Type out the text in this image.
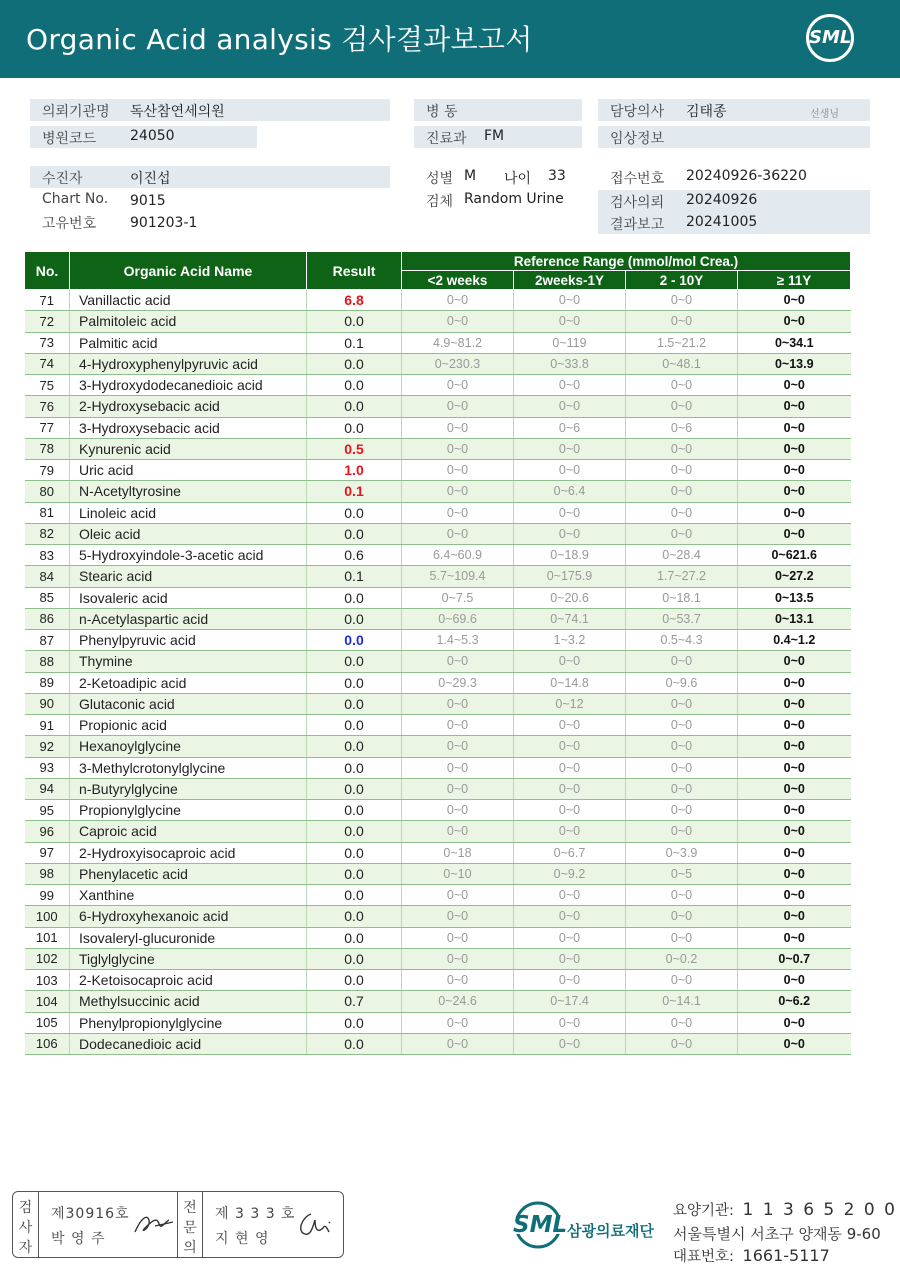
Organic Acid analysis 검사결과보고서	SML
의뢰기관명 독산참연세의원
병원코드 24050
병 동
진료과 FM
담당의사 김태종	선생님
임상정보
수진자	이진섭
Chart No. 9015
고유번호 901203-1
성별 M 나이 33
검체 Random Urine
접수번호 20240926-36220
검사의뢰 20240926
결과보고 20241005
No.	Organic Acid Name	Result	Reference Range (mmol/mol Crea.)			
			<2 weeks	2weeks-1Y	2 - 10Y	≥ 11Y
71	Vanillactic acid	6.8	0~0	0~0	0~0	0~0
72	Palmitoleic acid	0.0	0~0	0~0	0~0	0~0
73	Palmitic acid	0.1	4.9~81.2	0~119	1.5~21.2	0~34.1
74	4-Hydroxyphenylpyruvic acid	0.0	0~230.3	0~33.8	0~48.1	0~13.9
75	3-Hydroxydodecanedioic acid	0.0	0~0	0~0	0~0	0~0
76	2-Hydroxysebacic acid	0.0	0~0	0~0	0~0	0~0
77	3-Hydroxysebacic acid	0.0	0~0	0~6	0~6	0~0
78	Kynurenic acid	0.5	0~0	0~0	0~0	0~0
79	Uric acid	1.0	0~0	0~0	0~0	0~0
80	N-Acetyltyrosine	0.1	0~0	0~6.4	0~0	0~0
81	Linoleic acid	0.0	0~0	0~0	0~0	0~0
82	Oleic acid	0.0	0~0	0~0	0~0	0~0
83	5-Hydroxyindole-3-acetic acid	0.6	6.4~60.9	0~18.9	0~28.4	0~621.6
84	Stearic acid	0.1	5.7~109.4	0~175.9	1.7~27.2	0~27.2
85	Isovaleric acid	0.0	0~7.5	0~20.6	0~18.1	0~13.5
86	n-Acetylaspartic acid	0.0	0~69.6	0~74.1	0~53.7	0~13.1
87	Phenylpyruvic acid	0.0	1.4~5.3	1~3.2	0.5~4.3	0.4~1.2
88	Thymine	0.0	0~0	0~0	0~0	0~0
89	2-Ketoadipic acid	0.0	0~29.3	0~14.8	0~9.6	0~0
90	Glutaconic acid	0.0	0~0	0~12	0~0	0~0
91	Propionic acid	0.0	0~0	0~0	0~0	0~0
92	Hexanoylglycine	0.0	0~0	0~0	0~0	0~0
93	3-Methylcrotonylglycine	0.0	0~0	0~0	0~0	0~0
94	n-Butyrylglycine	0.0	0~0	0~0	0~0	0~0
95	Propionylglycine	0.0	0~0	0~0	0~0	0~0
96	Caproic acid	0.0	0~0	0~0	0~0	0~0
97	2-Hydroxyisocaproic acid	0.0	0~18	0~6.7	0~3.9	0~0
98	Phenylacetic acid	0.0	0~10	0~9.2	0~5	0~0
99	Xanthine	0.0	0~0	0~0	0~0	0~0
100	6-Hydroxyhexanoic acid	0.0	0~0	0~0	0~0	0~0
101	Isovaleryl-glucuronide	0.0	0~0	0~0	0~0	0~0
102	Tiglylglycine	0.0	0~0	0~0	0~0.2	0~0.7
103	2-Ketoisocaproic acid	0.0	0~0	0~0	0~0	0~0
104	Methylsuccinic acid	0.7	0~24.6	0~17.4	0~14.1	0~6.2
105	Phenylpropionylglycine	0.0	0~0	0~0	0~0	0~0
106	Dodecanedioic acid	0.0	0~0	0~0	0~0	0~0
검사자
제30916호
박 영 주
전문의
제 3 3 3 호
지 현 영
SML 삼광의료재단
요양기관: 1 1 3 6 5 2 0 0
서울특별시 서초구 양재동 9-60
대표번호: 1661-5117
